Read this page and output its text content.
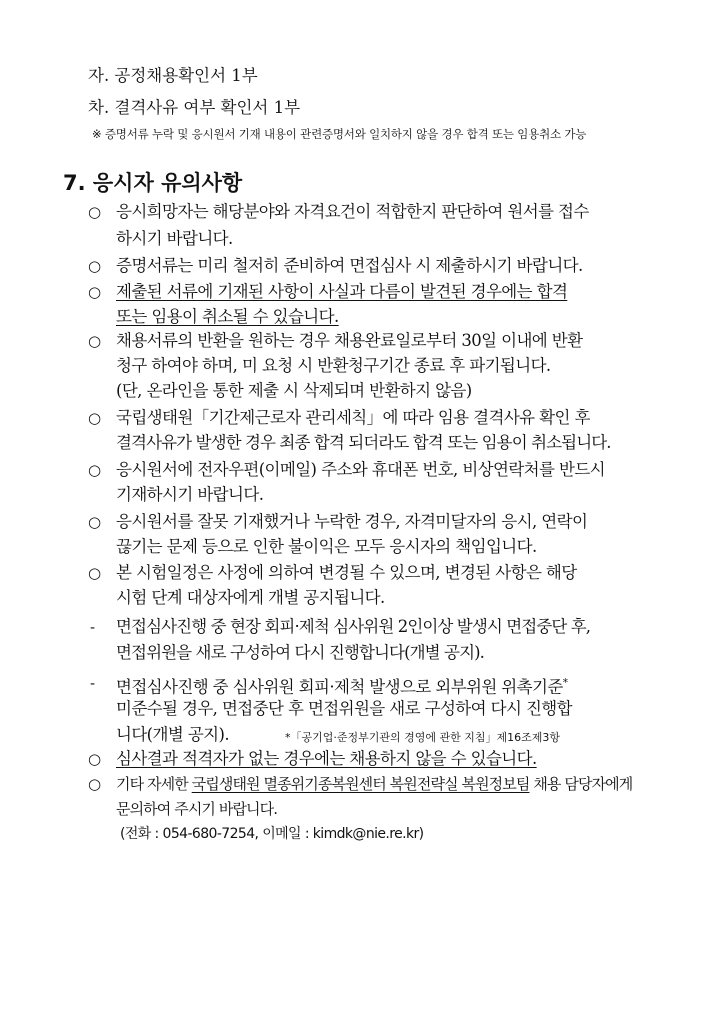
자. 공정채용확인서 1부
차. 결격사유 여부 확인서 1부
※ 증명서류 누락 및 응시원서 기재 내용이 관련증명서와 일치하지 않을 경우 합격 또는 임용취소 가능
7. 응시자 유의사항
○ 응시희망자는 해당분야와 자격요건이 적합한지 판단하여 원서를 접수
하시기 바랍니다.
○ 증명서류는 미리 철저히 준비하여 면접심사 시 제출하시기 바랍니다.
○ 제출된 서류에 기재된 사항이 사실과 다름이 발견된 경우에는 합격
또는 임용이 취소될 수 있습니다.
○ 채용서류의 반환을 원하는 경우 채용완료일로부터 30일 이내에 반환
청구 하여야 하며, 미 요청 시 반환청구기간 종료 후 파기됩니다.
(단, 온라인을 통한 제출 시 삭제되며 반환하지 않음)
○ 국립생태원「기간제근로자 관리세칙」에 따라 임용 결격사유 확인 후
결격사유가 발생한 경우 최종 합격 되더라도 합격 또는 임용이 취소됩니다.
○ 응시원서에 전자우편(이메일) 주소와 휴대폰 번호, 비상연락처를 반드시
기재하시기 바랍니다.
○ 응시원서를 잘못 기재했거나 누락한 경우, 자격미달자의 응시, 연락이
끊기는 문제 등으로 인한 불이익은 모두 응시자의 책임입니다.
○ 본 시험일정은 사정에 의하여 변경될 수 있으며, 변경된 사항은 해당
시험 단계 대상자에게 개별 공지됩니다.
- 면접심사진행 중 현장 회피·제척 심사위원 2인이상 발생시 면접중단 후,
면접위원을 새로 구성하여 다시 진행합니다(개별 공지).
- 면접심사진행 중 심사위원 회피·제척 발생으로 외부위원 위촉기준*
미준수될 경우, 면접중단 후 면접위원을 새로 구성하여 다시 진행합
니다(개별 공지).	*「공기업·준정부기관의 경영에 관한 지침」제16조제3항
○ 심사결과 적격자가 없는 경우에는 채용하지 않을 수 있습니다.
○ 기타 자세한 국립생태원 멸종위기종복원센터 복원전략실 복원정보팀 채용 담당자에게
문의하여 주시기 바랍니다.
(전화 : 054-680-7254, 이메일 : kimdk@nie.re.kr)
